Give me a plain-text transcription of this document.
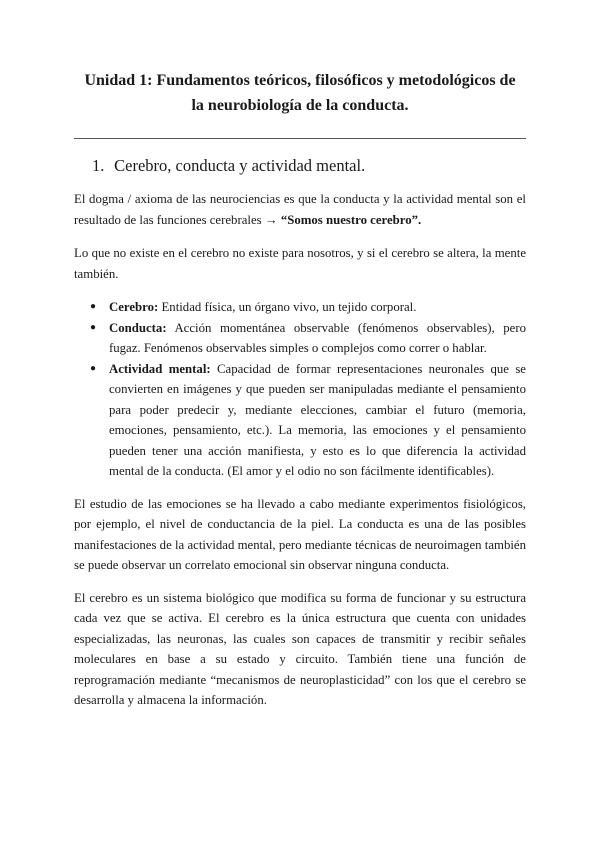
Unidad 1: Fundamentos teóricos, filosóficos y metodológicos de la neurobiología de la conducta.
1. Cerebro, conducta y actividad mental.

El dogma / axioma de las neurociencias es que la conducta y la actividad mental son el resultado de las funciones cerebrales → “Somos nuestro cerebro”.

Lo que no existe en el cerebro no existe para nosotros, y si el cerebro se altera, la mente también.

● Cerebro: Entidad física, un órgano vivo, un tejido corporal.
● Conducta: Acción momentánea observable (fenómenos observables), pero fugaz. Fenómenos observables simples o complejos como correr o hablar.
● Actividad mental: Capacidad de formar representaciones neuronales que se convierten en imágenes y que pueden ser manipuladas mediante el pensamiento para poder predecir y, mediante elecciones, cambiar el futuro (memoria, emociones, pensamiento, etc.). La memoria, las emociones y el pensamiento pueden tener una acción manifiesta, y esto es lo que diferencia la actividad mental de la conducta. (El amor y el odio no son fácilmente identificables).

El estudio de las emociones se ha llevado a cabo mediante experimentos fisiológicos, por ejemplo, el nivel de conductancia de la piel. La conducta es una de las posibles manifestaciones de la actividad mental, pero mediante técnicas de neuroimagen también se puede observar un correlato emocional sin observar ninguna conducta.

El cerebro es un sistema biológico que modifica su forma de funcionar y su estructura cada vez que se activa. El cerebro es la única estructura que cuenta con unidades especializadas, las neuronas, las cuales son capaces de transmitir y recibir señales moleculares en base a su estado y circuito. También tiene una función de reprogramación mediante “mecanismos de neuroplasticidad” con los que el cerebro se desarrolla y almacena la información.
